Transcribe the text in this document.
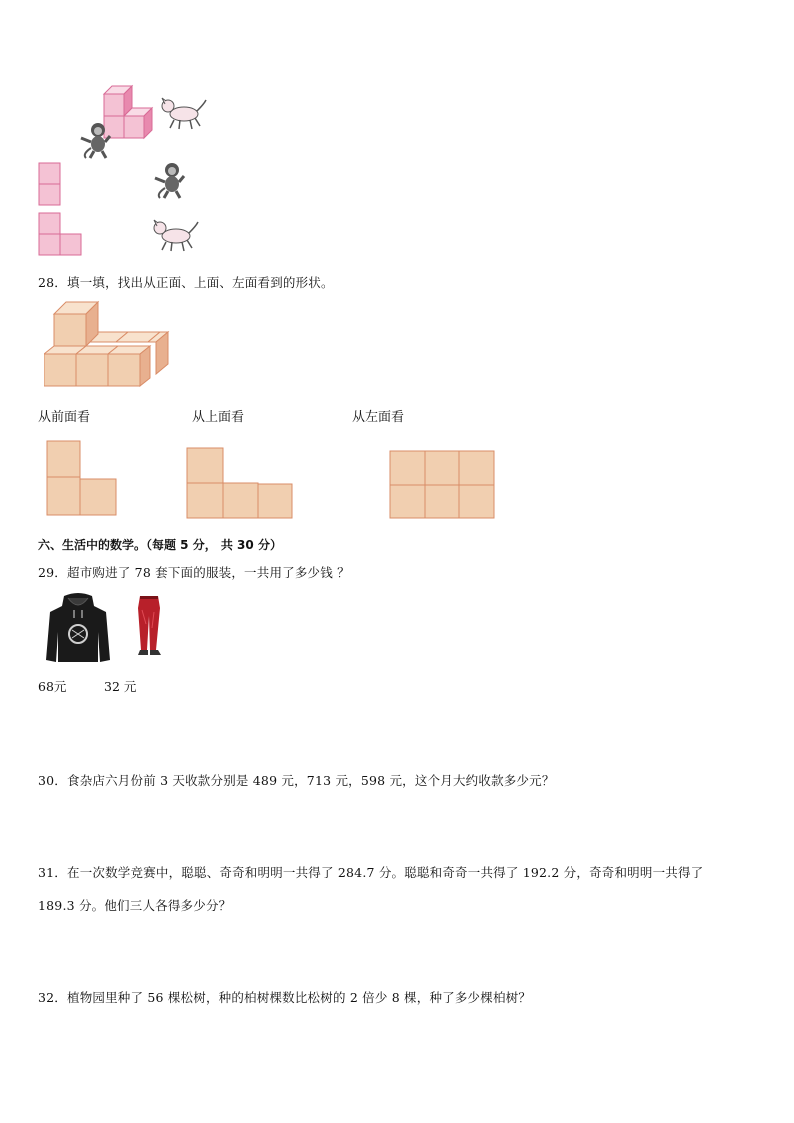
28．填一填，找出从正面、上面、左面看到的形状。
从前面看	从上面看	从左面看
六、生活中的数学。（每题 5 分， 共 30 分）
29．超市购进了 78 套下面的服装，一共用了多少钱 ？
68元	32 元
30．食杂店六月份前 3 天收款分别是 489 元，713 元，598 元，这个月大约收款多少元？
31．在一次数学竞赛中，聪聪、奇奇和明明一共得了 284.7 分。聪聪和奇奇一共得了 192.2 分，奇奇和明明一共得了
189.3 分。他们三人各得多少分？
32．植物园里种了 56 棵松树，种的柏树棵数比松树的 2 倍少 8 棵，种了多少棵柏树？
